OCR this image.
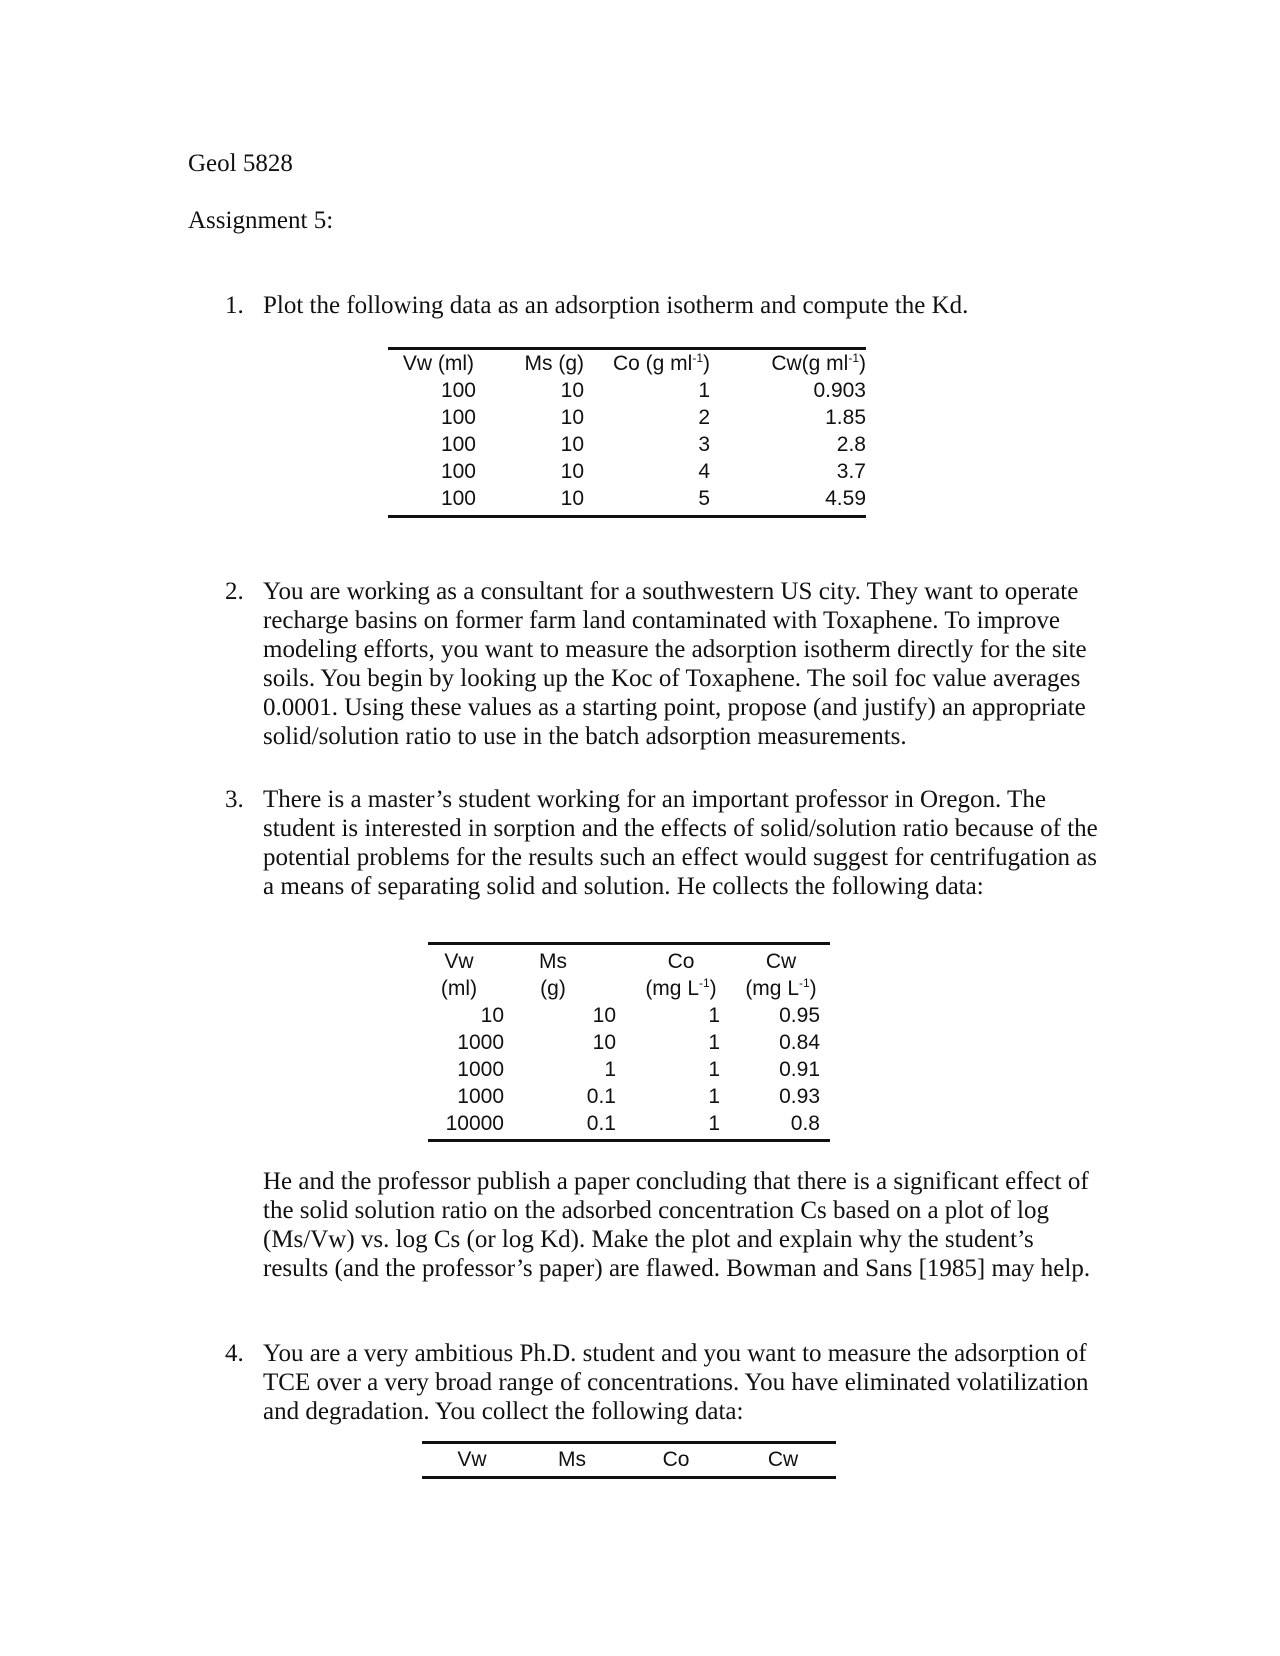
Geol 5828
Assignment 5:
1. Plot the following data as an adsorption isotherm and compute the Kd.
Vw (ml)	Ms (g)	Co (g $ml^{-1}$)	Cw(g $ml^{-1}$)
100	10	1	0.903
100	10	2	1.85
100	10	3	2.8
100	10	4	3.7
100	10	5	4.59
2. You are working as a consultant for a southwestern US city. They want to operate recharge basins on former farm land contaminated with Toxaphene. To improve modeling efforts, you want to measure the adsorption isotherm directly for the site soils. You begin by looking up the Koc of Toxaphene. The soil foc value averages 0.0001. Using these values as a starting point, propose (and justify) an appropriate solid/solution ratio to use in the batch adsorption measurements.
3. There is a master’s student working for an important professor in Oregon. The student is interested in sorption and the effects of solid/solution ratio because of the potential problems for the results such an effect would suggest for centrifugation as a means of separating solid and solution. He collects the following data:
Vw	Ms	Co	Cw
(ml)	(g)	(mg $L^{-1}$)	(mg $L^{-1}$)
10	10	1	0.95
1000	10	1	0.84
1000	1	1	0.91
1000	0.1	1	0.93
10000	0.1	1	0.8
He and the professor publish a paper concluding that there is a significant effect of the solid solution ratio on the adsorbed concentration Cs based on a plot of log (Ms/Vw) vs. log Cs (or log Kd). Make the plot and explain why the student’s results (and the professor’s paper) are flawed. Bowman and Sans [1985] may help.
4. You are a very ambitious Ph.D. student and you want to measure the adsorption of TCE over a very broad range of concentrations. You have eliminated volatilization and degradation. You collect the following data:
Vw	Ms	Co	Cw
